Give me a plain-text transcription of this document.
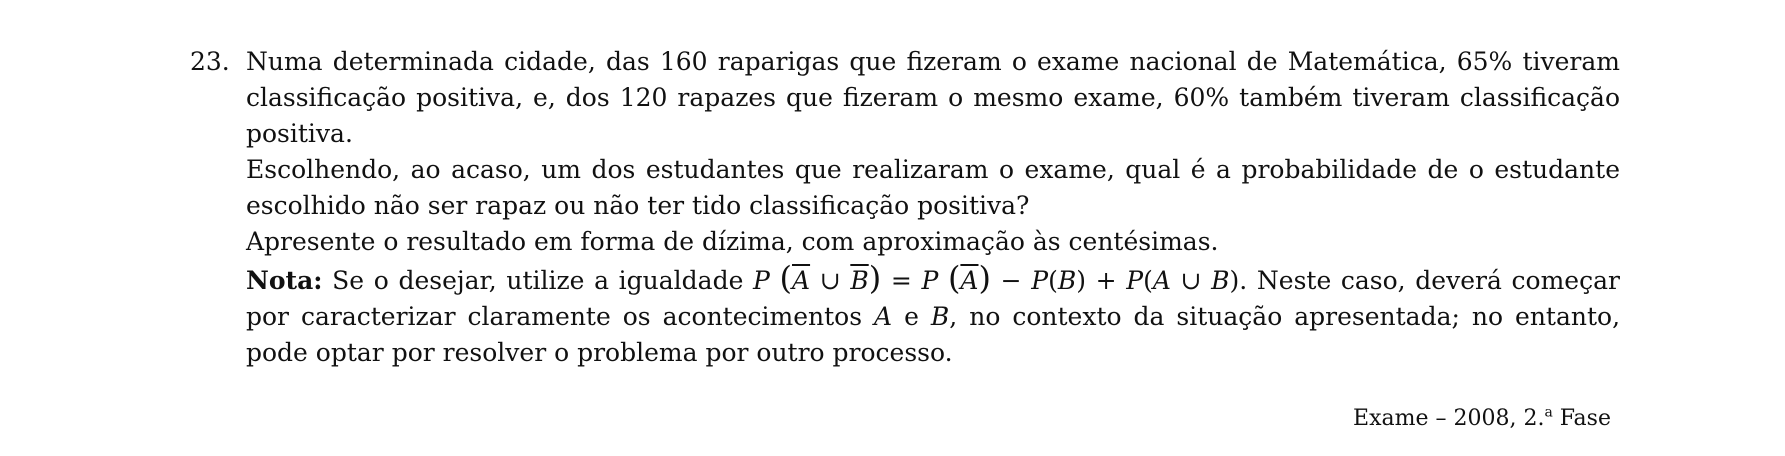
23. Numa determinada cidade, das 160 raparigas que fizeram o exame nacional de Matemática, 65% tiveram classificação positiva, e, dos 120 rapazes que fizeram o mesmo exame, 60% também tiveram classificação positiva.

Escolhendo, ao acaso, um dos estudantes que realizaram o exame, qual é a probabilidade de o estudante escolhido não ser rapaz ou não ter tido classificação positiva?

Apresente o resultado em forma de dízima, com aproximação às centésimas.

Nota: Se o desejar, utilize a igualdade P ($\overline{A}$ ∪ $\overline{B}) = P$ $(\overline{A}) - P(B) + P(A$ ∪ B). Neste caso, deverá começar por caracterizar claramente os acontecimentos A e B, no contexto da situação apresentada; no entanto, pode optar por resolver o problema por outro processo.

Exame – 2008, 2.$^a$ Fase
